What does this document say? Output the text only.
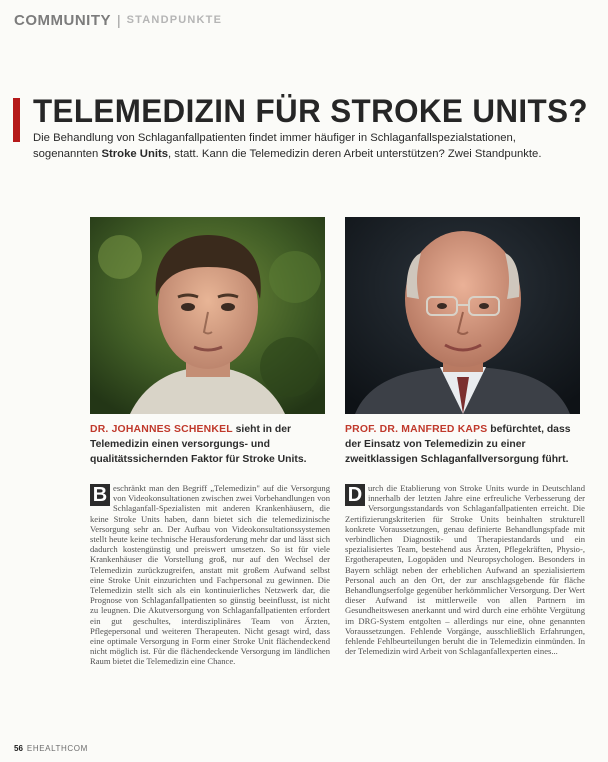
COMMUNITY | STANDPUNKTE
TELEMEDIZIN FÜR STROKE UNITS?

Die Behandlung von Schlaganfallpatienten findet immer häufiger in Schlaganfallspezialstationen, sogenannten Stroke Units, statt. Kann die Telemedizin deren Arbeit unterstützen? Zwei Standpunkte.

DR. JOHANNES SCHENKEL sieht in der Telemedizin einen versorgungs- und qualitätssichernden Faktor für Stroke Units.

PROF. DR. MANFRED KAPS befürchtet, dass der Einsatz von Telemedizin zu einer zweitklassigen Schlaganfallversorgung führt.

B eschränkt man den Begriff „Telemedizin" auf die Versorgung von Videokonsultationen zwischen zwei Vorbehandlungen von Schlaganfall-Spezialisten mit anderen Krankenhäusern, die keine Stroke Units haben, dann bietet sich die telemedizinische Versorgung sehr an. Der Aufbau von Videokonsultationssystemen stellt heute keine technische Herausforderung mehr dar und lässt sich dadurch kostengünstig und preiswert umsetzen. So ist für viele Krankenhäuser die Vorstellung groß, nur auf den Wechsel der Telemedizin zurückzugreifen, anstatt mit großem Aufwand selbst eine Stroke Unit einzurichten und Fachpersonal zu gewinnen. Die Telemedizin stellt sich als ein kontinuierliches Netzwerk dar, die Prognose von Schlaganfallpatienten so günstig beeinflusst, ist nicht zu leugnen. Die Akutversorgung von Schlaganfallpatienten erfordert ein gut geschultes, interdisziplinäres Team von Ärzten, Pflegepersonal und weiteren Therapeuten. Nicht gesagt wird, dass eine optimale Versorgung in Form einer Stroke Unit flächendeckend nicht möglich ist. Für die flächendeckende Versorgung im ländlichen Raum bietet die Telemedizin eine Chance.

D urch die Etablierung von Stroke Units wurde in Deutschland innerhalb der letzten Jahre eine erfreuliche Verbesserung der Versorgungsstandards von Schlaganfallpatienten erreicht. Die Zertifizierungskriterien für Stroke Units beinhalten strukturell konkrete Voraussetzungen, genau definierte Behandlungspfade mit verbindlichen Diagnostik- und Therapiestandards und ein spezialisiertes Team, bestehend aus Ärzten, Pflegekräften, Physio-, Ergotherapeuten, Logopäden und Neuropsychologen. Besonders in Bayern schlägt neben der erheblichen Aufwand an spezialisiertem Personal auch an den Ort, der zur anschlagsgebende für fläche Behandlungserfolge gegenüber herkömmlicher Versorgung. Der Wert dieser Aufwand ist mittlerweile von allen Partnern im Gesundheitswesen anerkannt und wird durch eine erhöhte Vergütung im DRG-System entgolten – allerdings nur eine, ohne genannten Voraussetzungen. Fehlende Vorgänge, ausschließlich Erfahrungen, fehlende Fehlbeurteilungen beruht die in Telemedizin einmünden. In der Telemedizin wird Arbeit von Schlaganfallexperten eines...

56 EHEALTHCOM
